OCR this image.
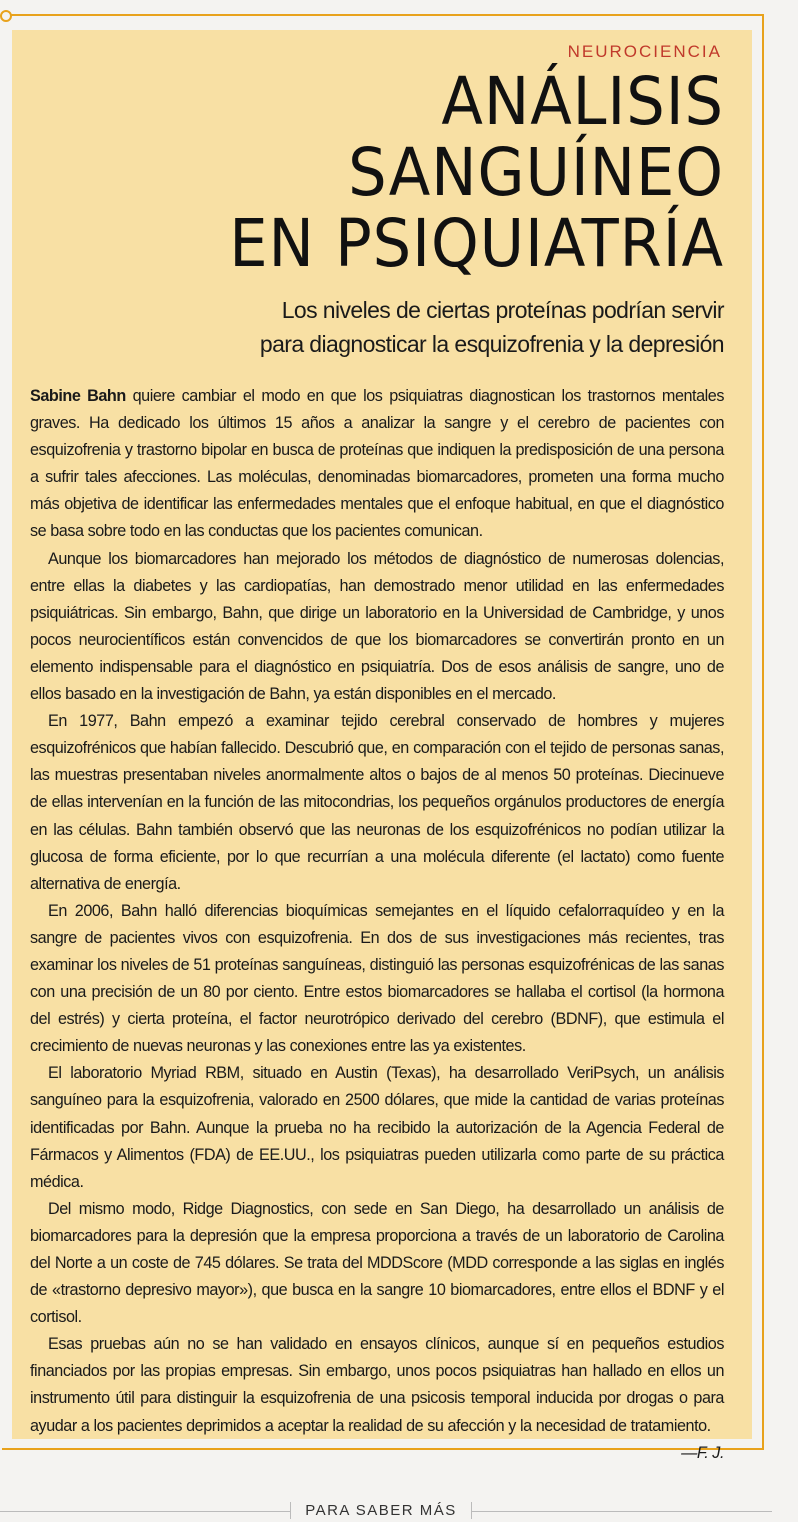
NEUROCIENCIA
ANÁLISIS
SANGUÍNEO
EN PSIQUIATRÍA
Los niveles de ciertas proteínas podrían servir
para diagnosticar la esquizofrenia y la depresión

Sabine Bahn quiere cambiar el modo en que los psiquiatras diagnostican los trastornos mentales graves. Ha dedicado los últimos 15 años a analizar la sangre y el cerebro de pacientes con esquizofrenia y trastorno bipolar en busca de proteínas que indiquen la predisposición de una persona a sufrir tales afecciones. Las moléculas, denominadas biomarcadores, prometen una forma mucho más objetiva de identificar las enfermedades mentales que el enfoque habitual, en que el diagnóstico se basa sobre todo en las conductas que los pacientes comunican.

Aunque los biomarcadores han mejorado los métodos de diagnóstico de numerosas dolencias, entre ellas la diabetes y las cardiopatías, han demostrado menor utilidad en las enfermedades psiquiátricas. Sin embargo, Bahn, que dirige un laboratorio en la Universidad de Cambridge, y unos pocos neurocientíficos están convencidos de que los biomarcadores se convertirán pronto en un elemento indispensable para el diagnóstico en psiquiatría. Dos de esos análisis de sangre, uno de ellos basado en la investigación de Bahn, ya están disponibles en el mercado.

En 1977, Bahn empezó a examinar tejido cerebral conservado de hombres y mujeres esquizofrénicos que habían fallecido. Descubrió que, en comparación con el tejido de personas sanas, las muestras presentaban niveles anormalmente altos o bajos de al menos 50 proteínas. Diecinueve de ellas intervenían en la función de las mitocondrias, los pequeños orgánulos productores de energía en las células. Bahn también observó que las neuronas de los esquizofrénicos no podían utilizar la glucosa de forma eficiente, por lo que recurrían a una molécula diferente (el lactato) como fuente alternativa de energía.

En 2006, Bahn halló diferencias bioquímicas semejantes en el líquido cefalorraquídeo y en la sangre de pacientes vivos con esquizofrenia. En dos de sus investigaciones más recientes, tras examinar los niveles de 51 proteínas sanguíneas, distinguió las personas esquizofrénicas de las sanas con una precisión de un 80 por ciento. Entre estos biomarcadores se hallaba el cortisol (la hormona del estrés) y cierta proteína, el factor neurotrópico derivado del cerebro (BDNF), que estimula el crecimiento de nuevas neuronas y las conexiones entre las ya existentes.

El laboratorio Myriad RBM, situado en Austin (Texas), ha desarrollado VeriPsych, un análisis sanguíneo para la esquizofrenia, valorado en 2500 dólares, que mide la cantidad de varias proteínas identificadas por Bahn. Aunque la prueba no ha recibido la autorización de la Agencia Federal de Fármacos y Alimentos (FDA) de EE.UU., los psiquiatras pueden utilizarla como parte de su práctica médica.

Del mismo modo, Ridge Diagnostics, con sede en San Diego, ha desarrollado un análisis de biomarcadores para la depresión que la empresa proporciona a través de un laboratorio de Carolina del Norte a un coste de 745 dólares. Se trata del MDDScore (MDD corresponde a las siglas en inglés de «trastorno depresivo mayor»), que busca en la sangre 10 biomarcadores, entre ellos el BDNF y el cortisol.

Esas pruebas aún no se han validado en ensayos clínicos, aunque sí en pequeños estudios financiados por las propias empresas. Sin embargo, unos pocos psiquiatras han hallado en ellos un instrumento útil para distinguir la esquizofrenia de una psicosis temporal inducida por drogas o para ayudar a los pacientes deprimidos a aceptar la realidad de su afección y la necesidad de tratamiento.
—F. J.

PARA SABER MÁS
